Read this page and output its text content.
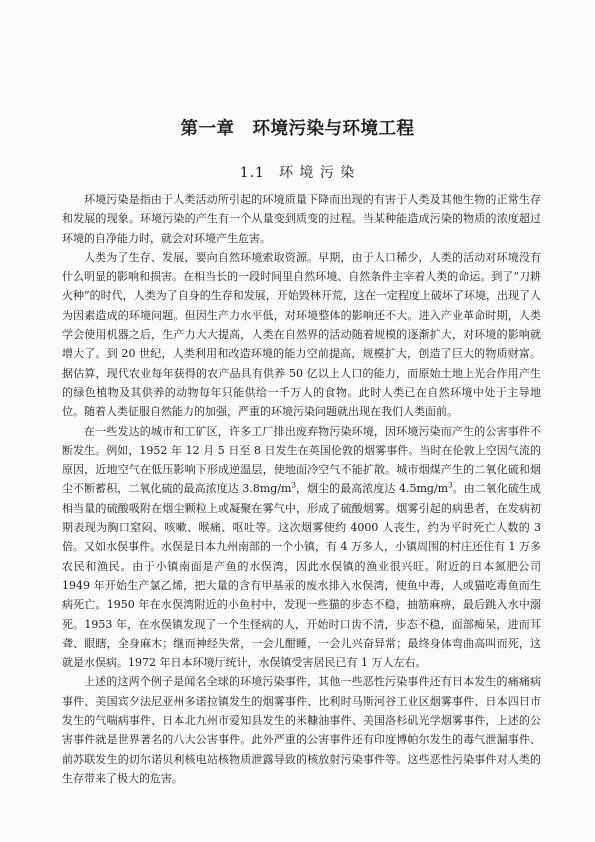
第一章 环境污染与环境工程
1.1 环 境 污 染

环境污染是指由于人类活动所引起的环境质量下降而出现的有害于人类及其他生物的正常生存和发展的现象。环境污染的产生有一个从量变到质变的过程。当某种能造成污染的物质的浓度超过环境的自净能力时，就会对环境产生危害。

人类为了生存、发展，要向自然环境索取资源。早期，由于人口稀少，人类的活动对环境没有什么明显的影响和损害。在相当长的一段时间里自然环境、自然条件主宰着人类的命运。到了“刀耕火种”的时代，人类为了自身的生存和发展，开始毁林开荒，这在一定程度上破坏了环境，出现了人为因素造成的环境问题。但因生产力水平低，对环境整体的影响还不大。进入产业革命时期，人类学会使用机器之后，生产力大大提高，人类在自然界的活动随着规模的逐渐扩大，对环境的影响就增大了。到 20 世纪，人类利用和改造环境的能力空前提高，规模扩大，创造了巨大的物质财富。据估算，现代农业每年获得的农产品具有供养 50 亿以上人口的能力，而原始土地上光合作用产生的绿色植物及其供养的动物每年只能供给一千万人的食物。此时人类已在自然环境中处于主导地位。随着人类征服自然能力的加强，严重的环境污染问题就出现在我们人类面前。

在一些发达的城市和工矿区，许多工厂排出废弃物污染环境，因环境污染而产生的公害事件不断发生。例如，1952 年 12 月 5 日至 8 日发生在英国伦敦的烟雾事件。当时在伦敦上空因气流的原因，近地空气在低压影响下形成逆温层，使地面冷空气不能扩散。城市烟煤产生的二氧化硫和烟尘不断蓄积，二氧化硫的最高浓度达 $3.8mg/m^3$，烟尘的最高浓度达 $4.5mg/m^3$。由二氧化硫生成相当量的硫酸吸附在烟尘颗粒上或凝聚在雾气中，形成了硫酸烟雾。烟雾引起的病患者，在发病初期表现为胸口窒闷、咳嗽、喉痛、呕吐等。这次烟雾使约 4000 人丧生，约为平时死亡人数的 3 倍。又如水俣事件。水俣是日本九州南部的一个小镇，有 4 万多人，小镇周围的村庄还住有 1 万多农民和渔民。由于小镇南面是产鱼的水俣湾，因此水俣镇的渔业很兴旺。附近的日本氮肥公司 1949 年开始生产氯乙烯，把大量的含有甲基汞的废水排入水俣湾，使鱼中毒，人或猫吃毒鱼而生病死亡。1950 年在水俣湾附近的小鱼村中，发现一些猫的步态不稳，抽筋麻痹，最后跳入水中溺死。1953 年，在水俣镇发现了一个生怪病的人，开始时口齿不清，步态不稳，面部痴呆，进而耳聋、眼瞎，全身麻木；继而神经失常，一会儿酣睡，一会儿兴奋异常；最终身体弯曲高叫而死，这就是水俣病。1972 年日本环境厅统计，水俣镇受害居民已有 1 万人左右。

上述的这两个例子是闻名全球的环境污染事件，其他一些恶性污染事件还有日本发生的痛痛病事件、美国宾夕法尼亚州多诺拉镇发生的烟雾事件、比利时马斯河谷工业区烟雾事件、日本四日市发生的气喘病事件、日本北九州市爱知县发生的米糠油事件、美国洛杉矶光学烟雾事件，上述的公害事件就是世界著名的八大公害事件。此外严重的公害事件还有印度博帕尔发生的毒气泄漏事件、前苏联发生的切尔诺贝利核电站核物质泄露导致的核放射污染事件等。这些恶性污染事件对人类的生存带来了极大的危害。
